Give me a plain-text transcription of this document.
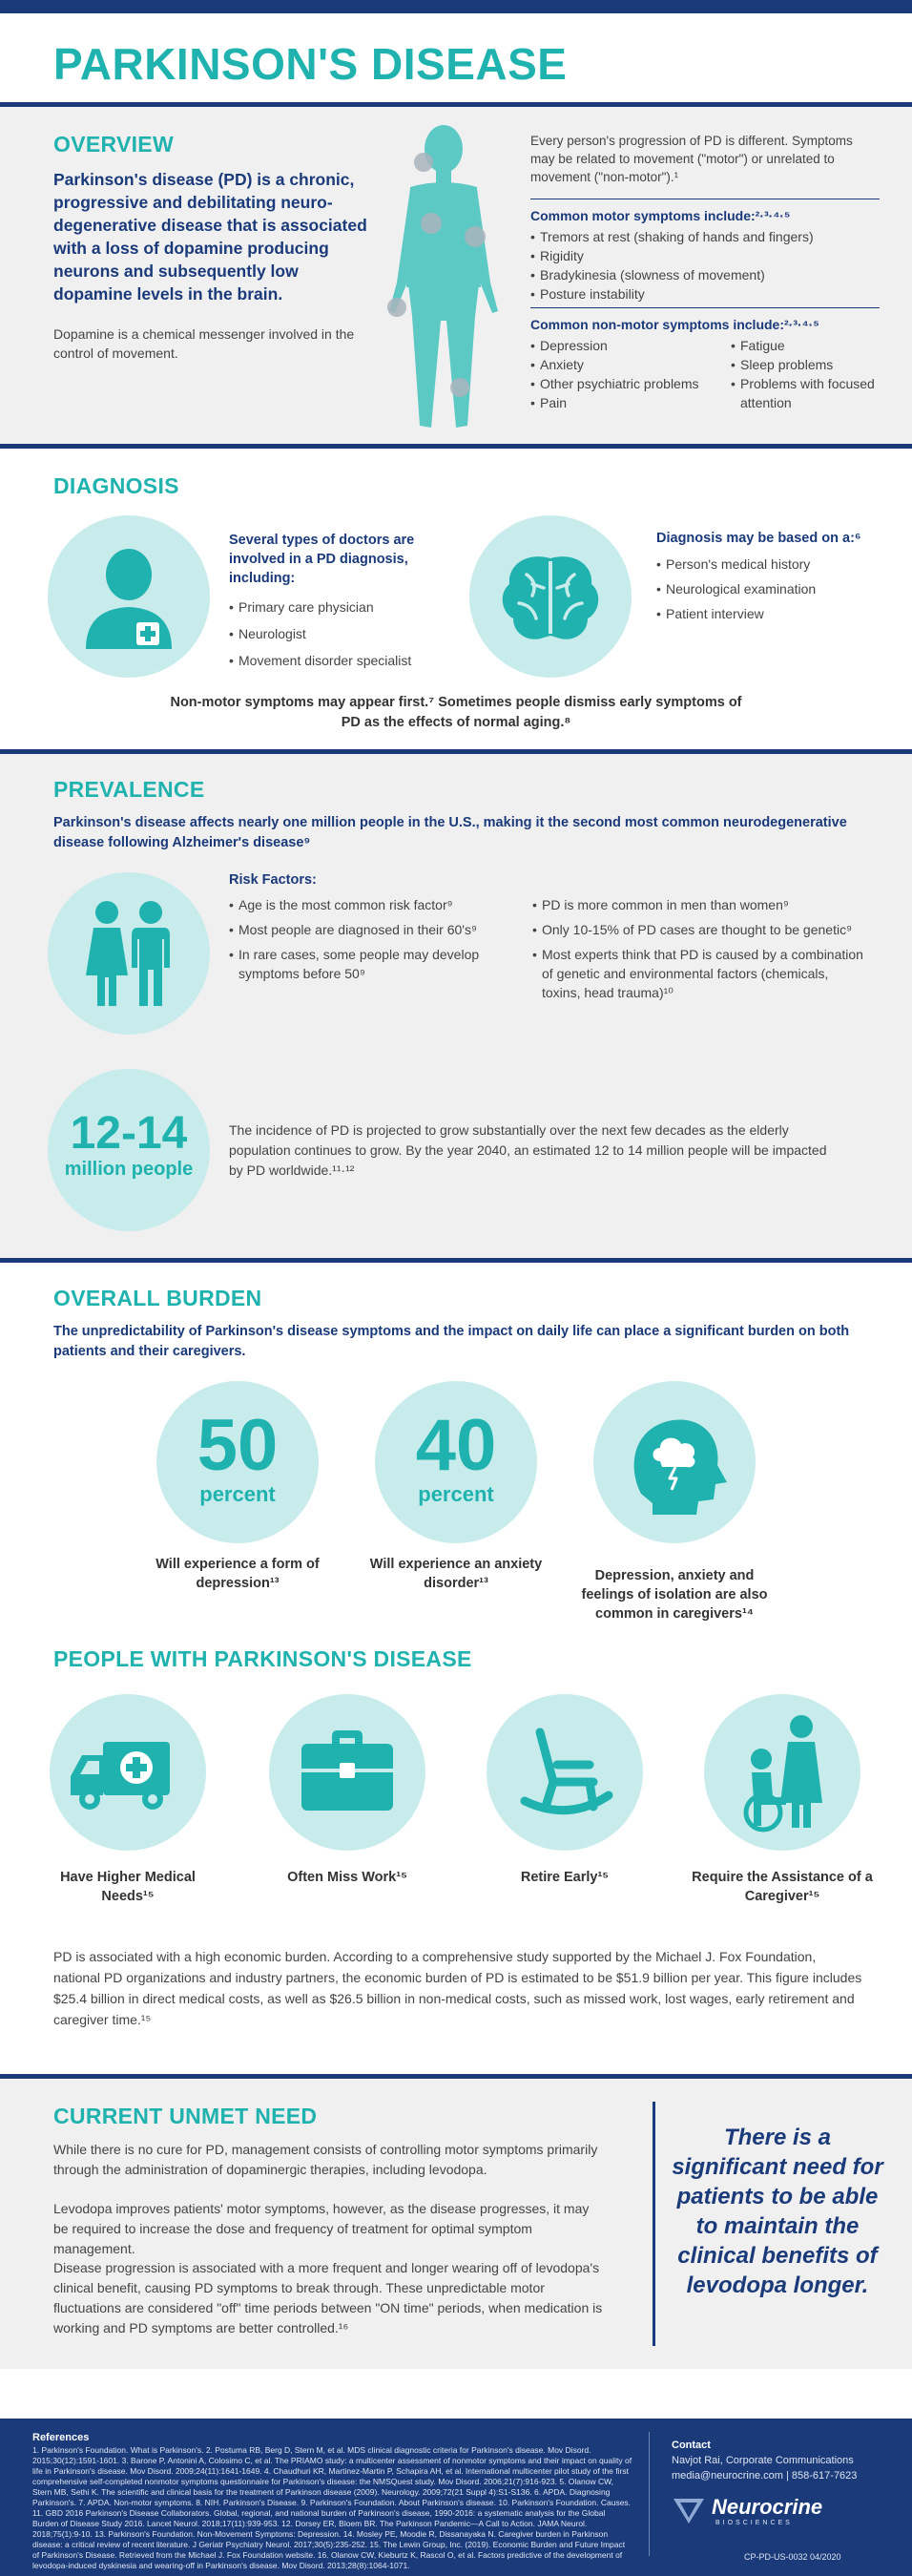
PARKINSON'S DISEASE
OVERVIEW

Parkinson's disease (PD) is a chronic, progressive and debilitating neuro-degenerative disease that is associated with a loss of dopamine producing neurons and subsequently low dopamine levels in the brain.

Dopamine is a chemical messenger involved in the control of movement.

Every person's progression of PD is different. Symptoms may be related to movement ("motor") or unrelated to movement ("non-motor").¹

Common motor symptoms include:²·³·⁴·⁵

• Tremors at rest (shaking of hands and fingers)
• Rigidity
• Bradykinesia (slowness of movement)
• Posture instability

Common non-motor symptoms include:²·³·⁴·⁵

• Depression
• Anxiety
• Other psychiatric problems
• Pain
• Fatigue
• Sleep problems
• Problems with focused attention
DIAGNOSIS

Several types of doctors are involved in a PD diagnosis, including:

• Primary care physician
• Neurologist
• Movement disorder specialist

Diagnosis may be based on a:⁶

• Person's medical history
• Neurological examination
• Patient interview

Non-motor symptoms may appear first.⁷ Sometimes people dismiss early symptoms of PD as the effects of normal aging.⁸

PREVALENCE

Parkinson's disease affects nearly one million people in the U.S., making it the second most common neurodegenerative disease following Alzheimer's disease⁹

Risk Factors:

• Age is the most common risk factor⁹
• Most people are diagnosed in their 60's⁹
• In rare cases, some people may develop symptoms before 50⁹
• PD is more common in men than women⁹
• Only 10-15% of PD cases are thought to be genetic⁹
• Most experts think that PD is caused by a combination of genetic and environmental factors (chemicals, toxins, head trauma)¹⁰
12-14
million people

The incidence of PD is projected to grow substantially over the next few decades as the elderly population continues to grow. By the year 2040, an estimated 12 to 14 million people will be impacted by PD worldwide.¹¹·¹²

OVERALL BURDEN

The unpredictability of Parkinson's disease symptoms and the impact on daily life can place a significant burden on both patients and their caregivers.

50
percent

Will experience a form of depression¹³

40
percent

Will experience an anxiety disorder¹³	Depression, anxiety and feelings of isolation are also common in caregivers¹⁴

PEOPLE WITH PARKINSON'S DISEASE

Have Higher Medical Needs¹⁵

Often Miss Work¹⁵	Retire Early¹⁵	Require the Assistance of a Caregiver¹⁵

PD is associated with a high economic burden. According to a comprehensive study supported by the Michael J. Fox Foundation, national PD organizations and industry partners, the economic burden of PD is estimated to be $51.9 billion per year. This figure includes $25.4 billion in direct medical costs, as well as $26.5 billion in non-medical costs, such as missed work, lost wages, early retirement and caregiver time.¹⁵

CURRENT UNMET NEED

While there is no cure for PD, management consists of controlling motor symptoms primarily through the administration of dopaminergic therapies, including levodopa.

Levodopa improves patients' motor symptoms, however, as the disease progresses, it may be required to increase the dose and frequency of treatment for optimal symptom management.

Disease progression is associated with a more frequent and longer wearing off of levodopa's clinical benefit, causing PD symptoms to break through. These unpredictable motor fluctuations are considered "off" time periods between "ON time" periods, when medication is working and PD symptoms are better controlled.¹⁶

There is a significant need for patients to be able to maintain the clinical benefits of levodopa longer.

References

1. Parkinson's Foundation. What is Parkinson's. 2. Postuma RB, Berg D, Stern M, et al. MDS clinical diagnostic criteria for Parkinson's disease. Mov Disord. 2015;30(12):1591-1601. 3. Barone P, Antonini A, Colosimo C, et al. The PRIAMO study: a multicenter assessment of nonmotor symptoms and their impact on quality of life in Parkinson's disease. Mov Disord. 2009;24(11):1641-1649. 4. Chaudhuri KR, Martinez-Martin P, Schapira AH, et al. International multicenter pilot study of the first comprehensive self-completed nonmotor symptoms questionnaire for Parkinson's disease: the NMSQuest study. Mov Disord. 2006;21(7):916-923. 5. Olanow CW, Stern MB, Sethi K. The scientific and clinical basis for the treatment of Parkinson disease (2009). Neurology. 2009;72(21 Suppl 4):S1-S136. 6. APDA. Diagnosing Parkinson's. 7. APDA. Non-motor symptoms. 8. NIH. Parkinson's Disease. 9. Parkinson's Foundation. About Parkinson's disease. 10. Parkinson's Foundation. Causes. 11. GBD 2016 Parkinson's Disease Collaborators. Global, regional, and national burden of Parkinson's disease, 1990-2016: a systematic analysis for the Global Burden of Disease Study 2016. Lancet Neurol. 2018;17(11):939-953. 12. Dorsey ER, Bloem BR. The Parkinson Pandemic—A Call to Action. JAMA Neurol. 2018;75(1):9-10. 13. Parkinson's Foundation. Non-Movement Symptoms: Depression. 14. Mosley PE, Moodie R, Dissanayaka N. Caregiver burden in Parkinson disease: a critical review of recent literature. J Geriatr Psychiatry Neurol. 2017;30(5):235-252. 15. The Lewin Group, Inc. (2019). Economic Burden and Future Impact of Parkinson's Disease. Retrieved from the Michael J. Fox Foundation website. 16. Olanow CW, Kieburtz K, Rascol O, et al. Factors predictive of the development of levodopa-induced dyskinesia and wearing-off in Parkinson's disease. Mov Disord. 2013;28(8):1064-1071.

Contact

Navjot Rai, Corporate Communications

media@neurocrine.com | 858-617-7623

Neurocrine
BIOSCIENCES

CP-PD-US-0032 04/2020
